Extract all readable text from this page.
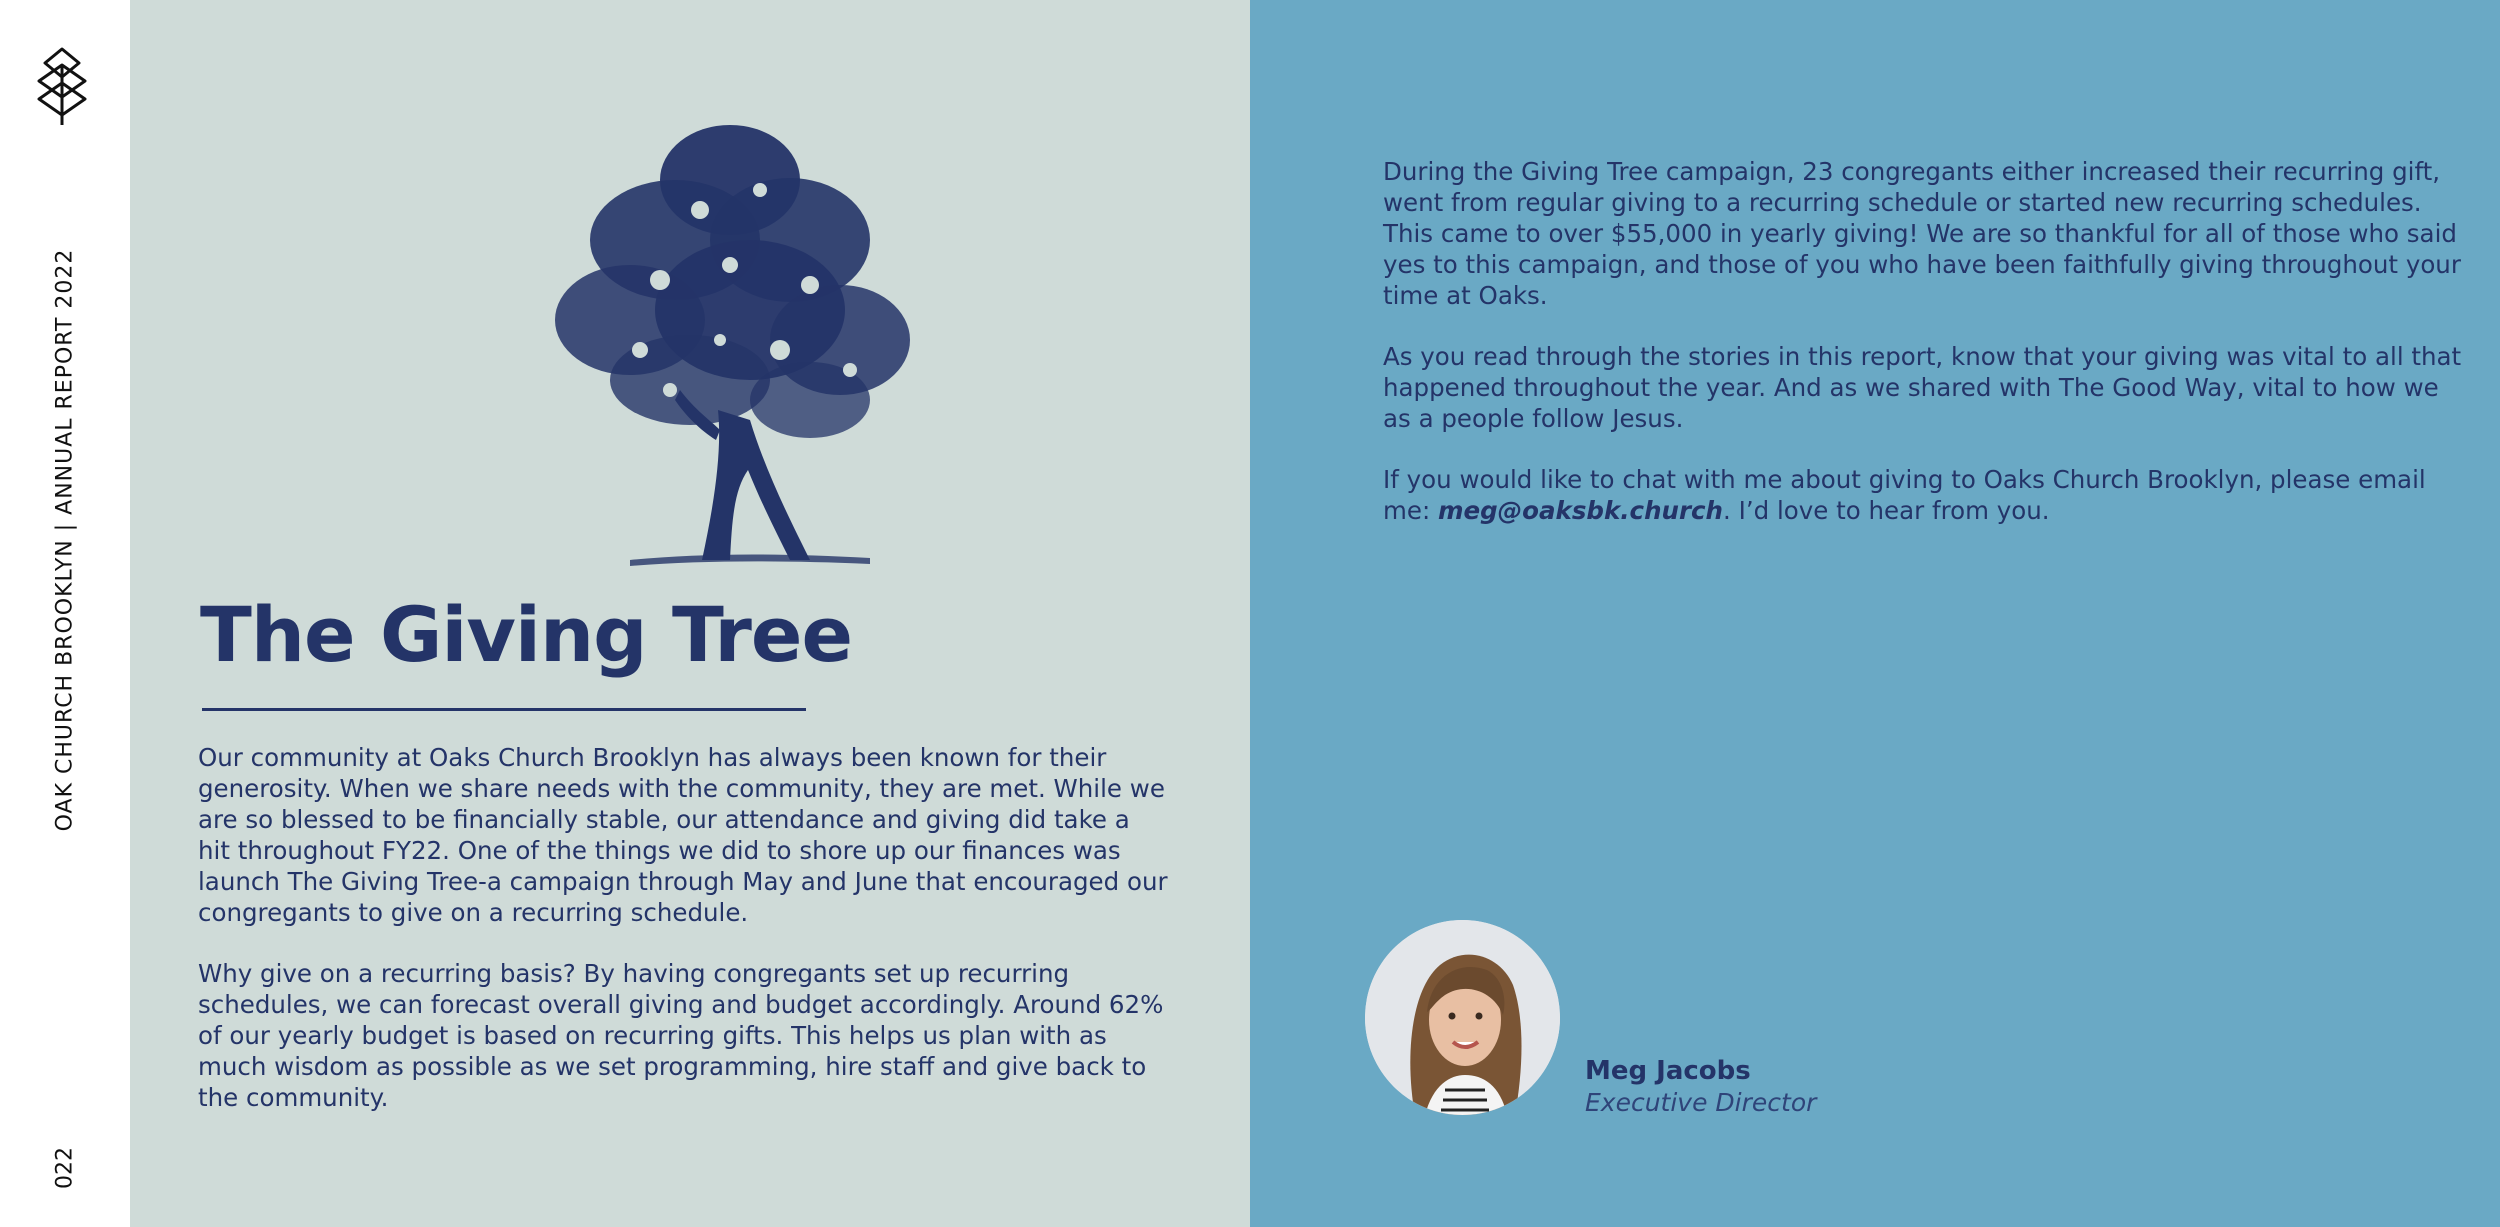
OAK CHURCH BROOKLYN | ANNUAL REPORT 2022
022
The Giving Tree

Our community at Oaks Church Brooklyn has always been known for their generosity. When we share needs with the community, they are met. While we are so blessed to be financially stable, our attendance and giving did take a hit throughout FY22. One of the things we did to shore up our finances was launch The Giving Tree-a campaign through May and June that encouraged our congregants to give on a recurring schedule.

Why give on a recurring basis? By having congregants set up recurring schedules, we can forecast overall giving and budget accordingly. Around 62% of our yearly budget is based on recurring gifts. This helps us plan with as much wisdom as possible as we set programming, hire staff and give back to the community.

During the Giving Tree campaign, 23 congregants either increased their recurring gift, went from regular giving to a recurring schedule or started new recurring schedules. This came to over $55,000 in yearly giving! We are so thankful for all of those who said yes to this campaign, and those of you who have been faithfully giving throughout your time at Oaks.

As you read through the stories in this report, know that your giving was vital to all that happened throughout the year. And as we shared with The Good Way, vital to how we as a people follow Jesus.

If you would like to chat with me about giving to Oaks Church Brooklyn, please email me: meg@oaksbk.church. I’d love to hear from you.

Meg Jacobs
Executive Director
